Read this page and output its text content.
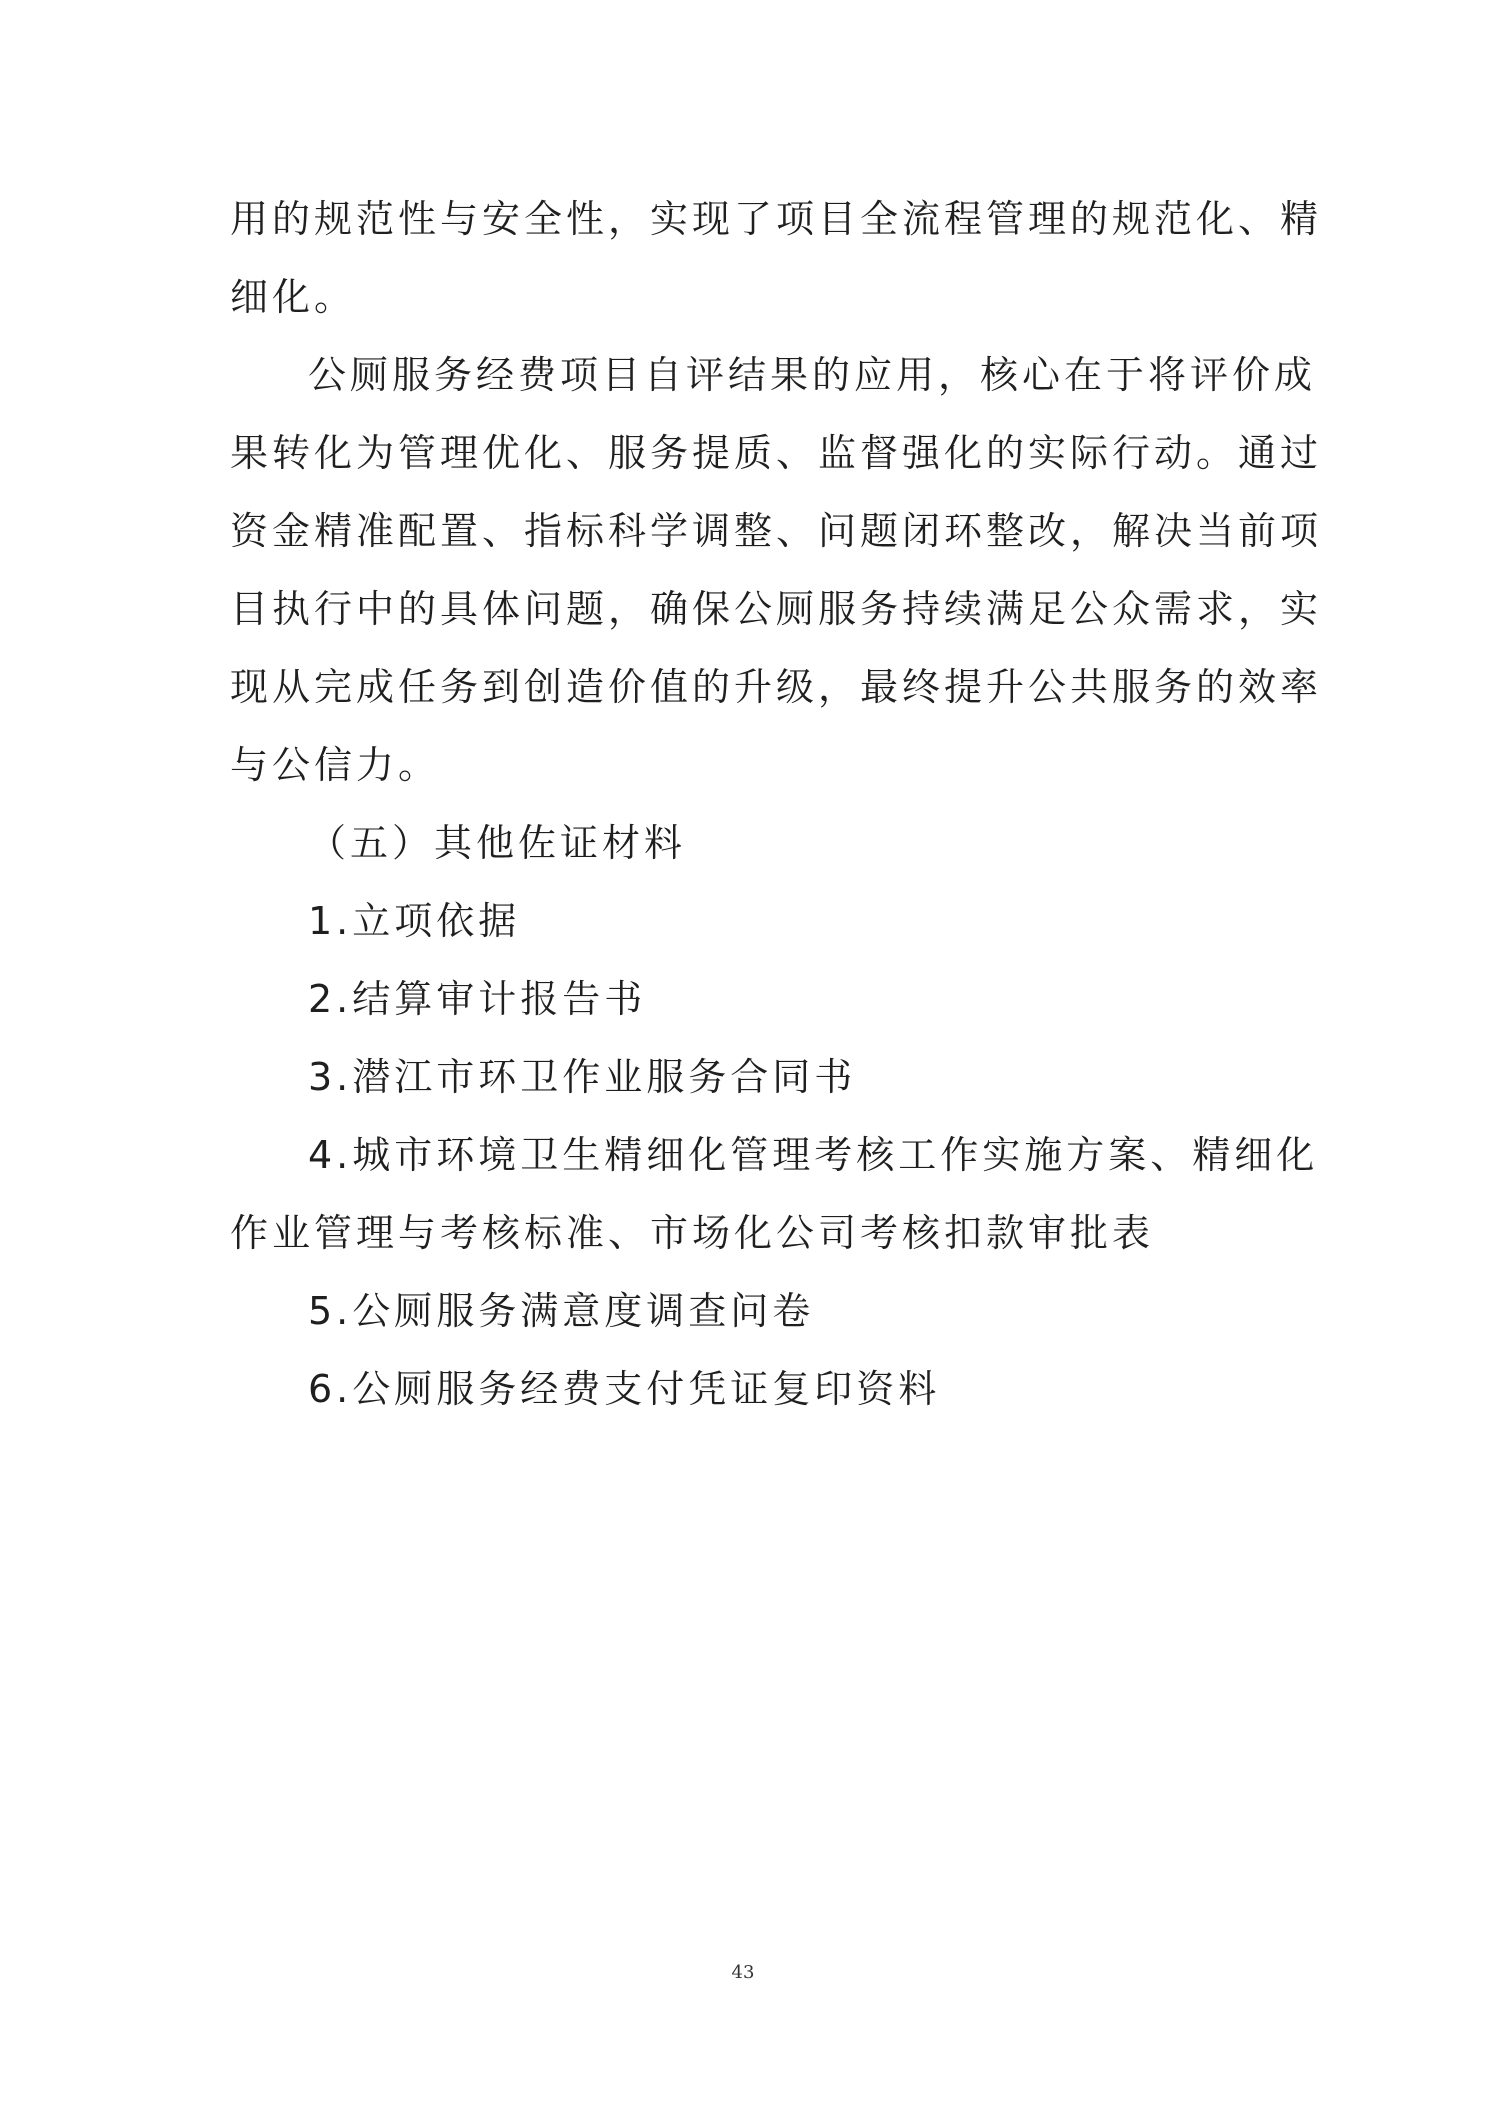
用的规范性与安全性，实现了项目全流程管理的规范化、精
细化。
公厕服务经费项目自评结果的应用，核心在于将评价成
果转化为管理优化、服务提质、监督强化的实际行动。通过
资金精准配置、指标科学调整、问题闭环整改，解决当前项
目执行中的具体问题，确保公厕服务持续满足公众需求，实
现从完成任务到创造价值的升级，最终提升公共服务的效率
与公信力。
（五）其他佐证材料
1.立项依据
2.结算审计报告书
3.潜江市环卫作业服务合同书
4.城市环境卫生精细化管理考核工作实施方案、精细化
作业管理与考核标准、市场化公司考核扣款审批表
5.公厕服务满意度调查问卷
6.公厕服务经费支付凭证复印资料
43
